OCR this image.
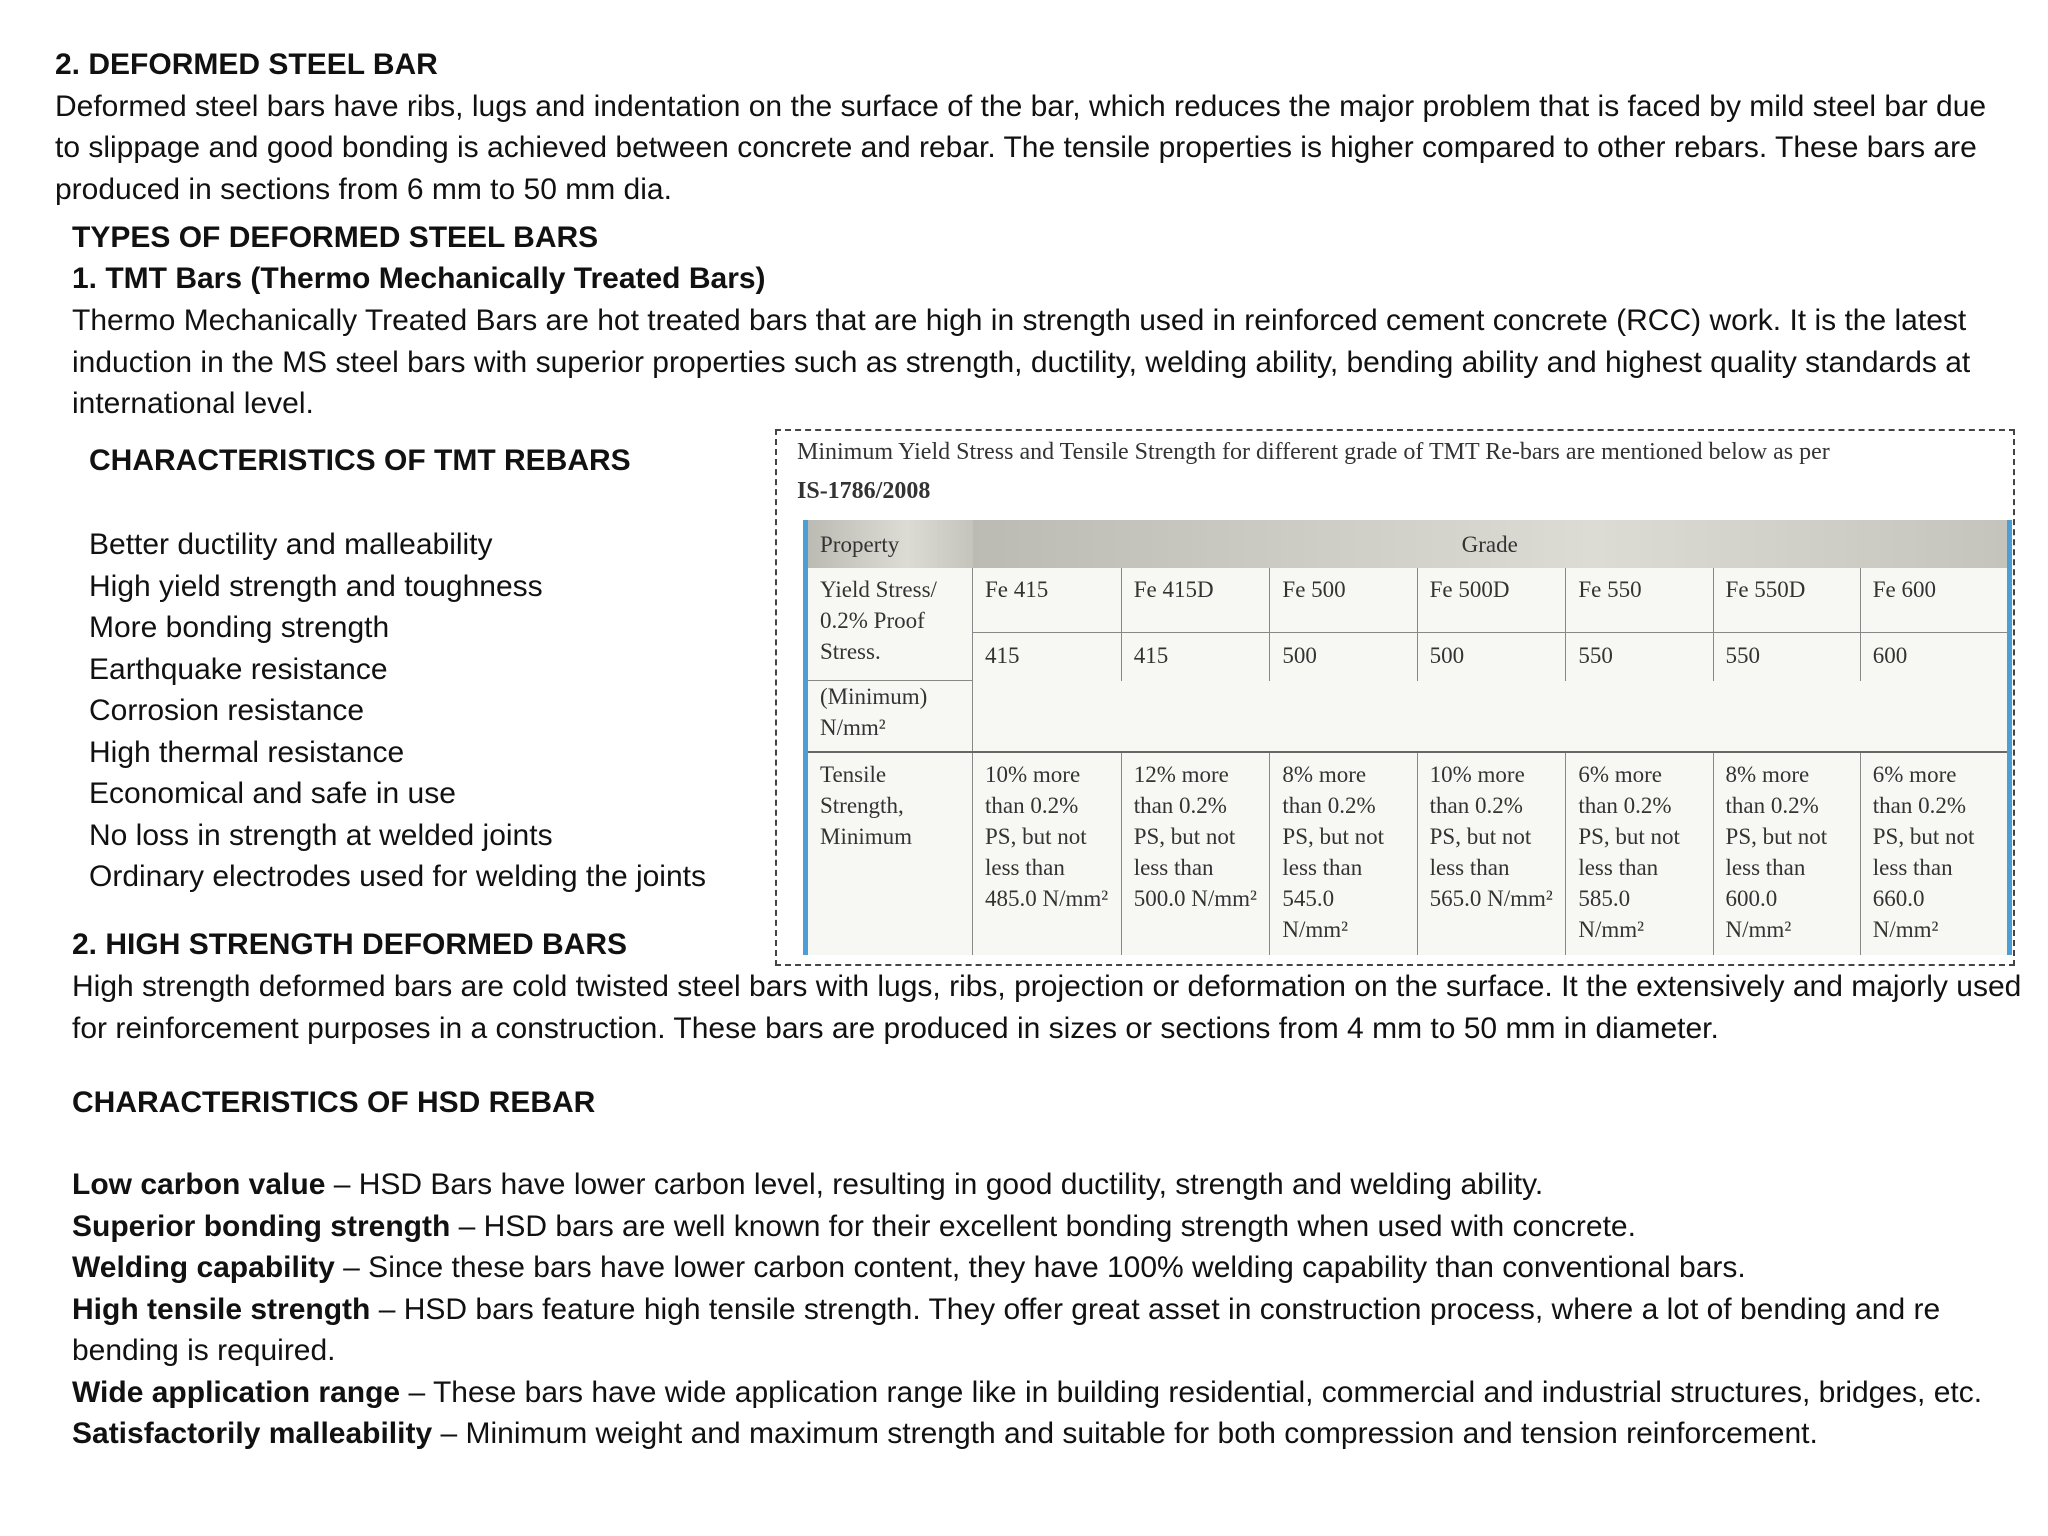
2. DEFORMED STEEL BAR
Deformed steel bars have ribs, lugs and indentation on the surface of the bar, which reduces the major problem that is faced by mild steel bar due to slippage and good bonding is achieved between concrete and rebar. The tensile properties is higher compared to other rebars. These bars are produced in sections from 6 mm to 50 mm dia.
TYPES OF DEFORMED STEEL BARS
1. TMT Bars (Thermo Mechanically Treated Bars)
Thermo Mechanically Treated Bars are hot treated bars that are high in strength used in reinforced cement concrete (RCC) work. It is the latest induction in the MS steel bars with superior properties such as strength, ductility, welding ability, bending ability and highest quality standards at international level.
CHARACTERISTICS OF TMT REBARS
Better ductility and malleability
High yield strength and toughness
More bonding strength
Earthquake resistance
Corrosion resistance
High thermal resistance
Economical and safe in use
No loss in strength at welded joints
Ordinary electrodes used for welding the joints
Minimum Yield Stress and Tensile Strength for different grade of TMT Re-bars are mentioned below as per
IS-1786/2008
Property	Grade						

Yield Stress/ 0.2% Proof Stress.	Fe 415	Fe 415D	Fe 500	Fe 500D	Fe 550	Fe 550D	Fe 600
	415	415	500	500	550	550	600
(Minimum) N/mm²							
Tensile Strength, Minimum	10% more than 0.2% PS, but not less than 485.0 N/mm²	12% more than 0.2% PS, but not less than 500.0 N/mm²	8% more than 0.2% PS, but not less than 545.0 N/mm²	10% more than 0.2% PS, but not less than 565.0 N/mm²	6% more than 0.2% PS, but not less than 585.0 N/mm²	8% more than 0.2% PS, but not less than 600.0 N/mm²	6% more than 0.2% PS, but not less than 660.0 N/mm²
2. HIGH STRENGTH DEFORMED BARS
High strength deformed bars are cold twisted steel bars with lugs, ribs, projection or deformation on the surface. It the extensively and majorly used for reinforcement purposes in a construction. These bars are produced in sizes or sections from 4 mm to 50 mm in diameter.
CHARACTERISTICS OF HSD REBAR
Low carbon value – HSD Bars have lower carbon level, resulting in good ductility, strength and welding ability.
Superior bonding strength – HSD bars are well known for their excellent bonding strength when used with concrete.
Welding capability – Since these bars have lower carbon content, they have 100% welding capability than conventional bars.
High tensile strength – HSD bars feature high tensile strength. They offer great asset in construction process, where a lot of bending and re bending is required.
Wide application range – These bars have wide application range like in building residential, commercial and industrial structures, bridges, etc.
Satisfactorily malleability – Minimum weight and maximum strength and suitable for both compression and tension reinforcement.
